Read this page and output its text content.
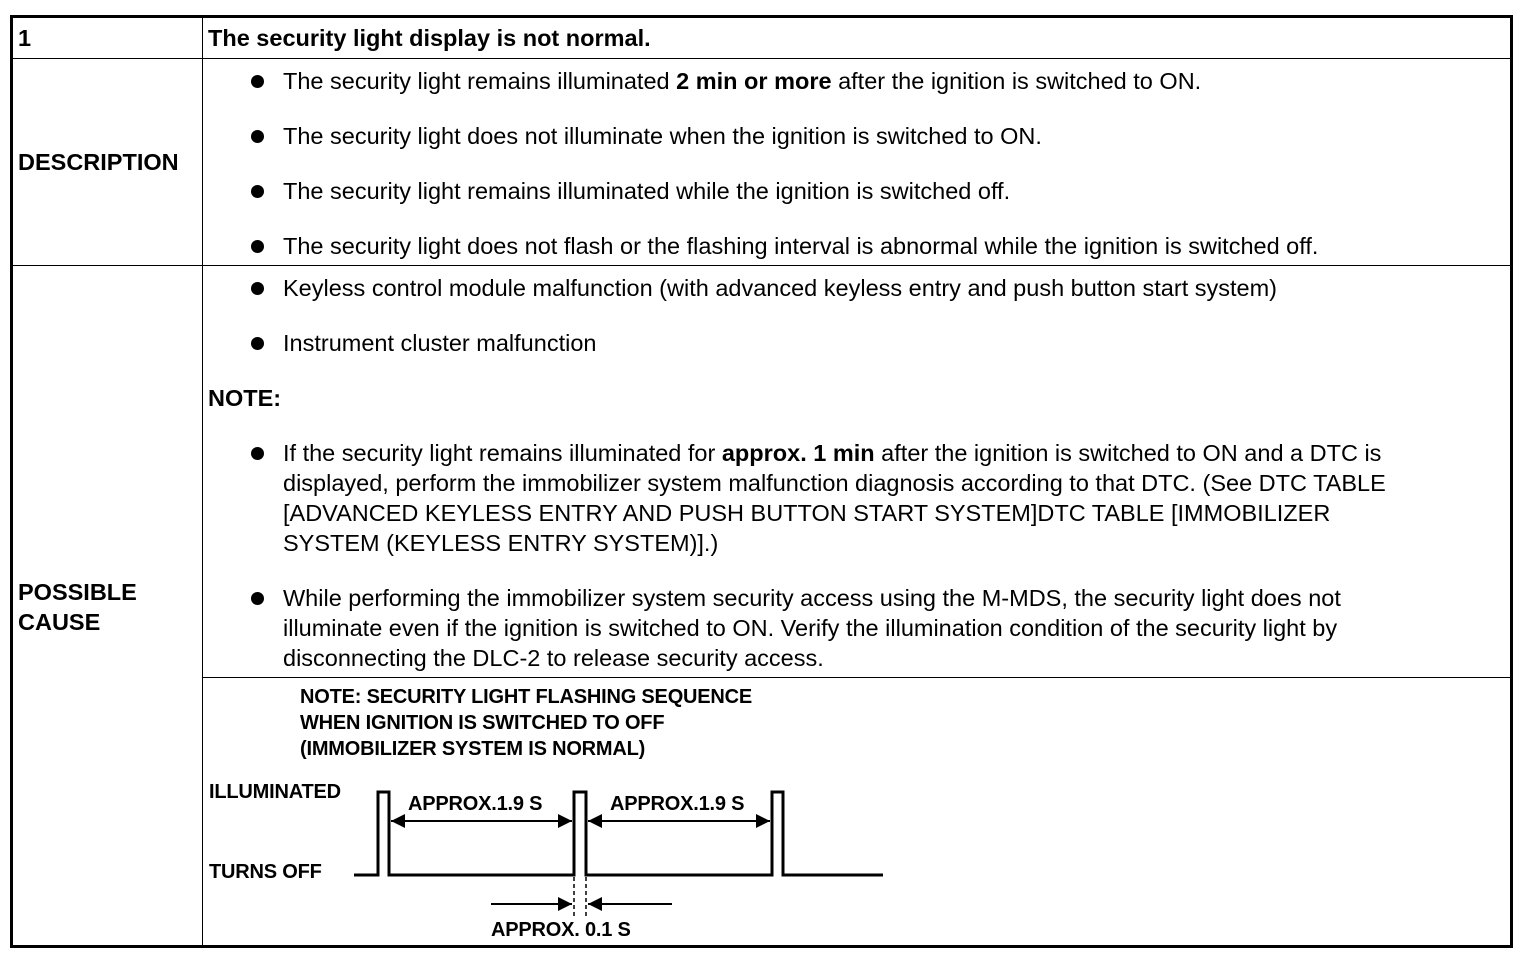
1	The security light display is not normal.
DESCRIPTION
The security light remains illuminated 2 min or more after the ignition is switched to ON.
The security light does not illuminate when the ignition is switched to ON.
The security light remains illuminated while the ignition is switched off.
The security light does not flash or the flashing interval is abnormal while the ignition is switched off.
POSSIBLE
CAUSE
Keyless control module malfunction (with advanced keyless entry and push button start system)
Instrument cluster malfunction
NOTE:
If the security light remains illuminated for approx. 1 min after the ignition is switched to ON and a DTC is
displayed, perform the immobilizer system malfunction diagnosis according to that DTC. (See DTC TABLE
[ADVANCED KEYLESS ENTRY AND PUSH BUTTON START SYSTEM]DTC TABLE [IMMOBILIZER
SYSTEM (KEYLESS ENTRY SYSTEM)].)
While performing the immobilizer system security access using the M-MDS, the security light does not
illuminate even if the ignition is switched to ON. Verify the illumination condition of the security light by
disconnecting the DLC-2 to release security access.
NOTE: SECURITY LIGHT FLASHING SEQUENCE
WHEN IGNITION IS SWITCHED TO OFF
(IMMOBILIZER SYSTEM IS NORMAL)
ILLUMINATED
TURNS OFF
APPROX.1.9 S	APPROX.1.9 S
APPROX. 0.1 S
